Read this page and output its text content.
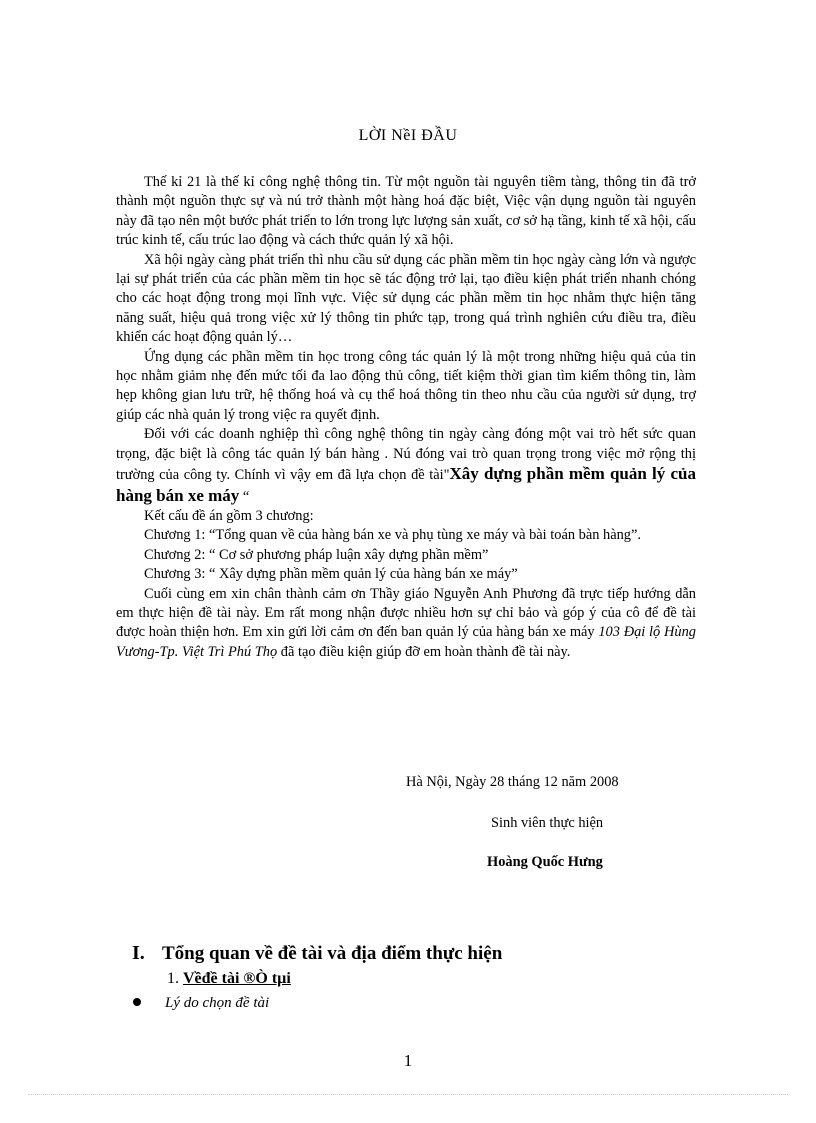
LỜI NềI ĐẦU

Thế kỉ 21 là thế kỉ công nghệ thông tin. Từ một nguồn tài nguyên tiềm tàng, thông tin đã trở thành một nguồn thực sự và nú trở thành một hàng hoá đặc biệt, Việc vận dụng nguồn tài nguyên này đã tạo nên một bước phát triển to lớn trong lực lượng sản xuất, cơ sở hạ tầng, kinh tế xã hội, cấu trúc kinh tế, cấu trúc lao động và cách thức quản lý xã hội.

Xã hội ngày càng phát triển thì nhu cầu sử dụng các phần mềm tin học ngày càng lớn và ngược lại sự phát triển của các phần mềm tin học sẽ tác động trở lại, tạo điều kiện phát triển nhanh chóng cho các hoạt động trong mọi lĩnh vực. Việc sử dụng các phần mềm tin học nhằm thực hiện tăng năng suất, hiệu quả trong việc xử lý thông tin phức tạp, trong quá trình nghiên cứu điều tra, điều khiển các hoạt động quản lý…

Ứng dụng các phần mềm tin học trong công tác quản lý là một trong những hiệu quả của tin học nhằm giảm nhẹ đến mức tối đa lao động thủ công, tiết kiệm thời gian tìm kiếm thông tin, làm hẹp không gian lưu trữ, hệ thống hoá và cụ thể hoá thông tin theo nhu cầu của người sử dụng, trợ giúp các nhà quản lý trong việc ra quyết định.

Đối với các doanh nghiệp thì công nghệ thông tin ngày càng đóng một vai trò hết sức quan trọng, đặc biệt là công tác quản lý bán hàng . Nú đóng vai trò quan trọng trong việc mở rộng thị trường của công ty. Chính vì vậy em đã lựa chọn đề tài"Xây dựng phần mềm quản lý của hàng bán xe máy “

Kết cấu đề án gồm 3 chương:

Chương 1: “Tổng quan về của hàng bán xe và phụ tùng xe máy và bài toán bàn hàng”.

Chương 2: “ Cơ sở phương pháp luận xây dựng phần mềm”

Chương 3: “ Xây dựng phần mềm quản lý của hàng bán xe máy”

Cuối cùng em xin chân thành cảm ơn Thầy giáo Nguyễn Anh Phương đã trực tiếp hướng dẫn em thực hiện đề tài này. Em rất mong nhận được nhiều hơn sự chỉ bảo và góp ý của cô để đề tài được hoàn thiện hơn. Em xin gửi lời cảm ơn đến ban quản lý của hàng bán xe máy 103 Đại lộ Hùng Vương-Tp. Việt Trì Phú Thọ đã tạo điều kiện giúp đỡ em hoàn thành đề tài này.

Hà Nội, Ngày 28 tháng 12 năm 2008
Sinh viên thực hiện
Hoàng Quốc Hưng
I. Tổng quan về đề tài và địa điểm thực hiện
1. Vềđề tài ®Ò tµi
Lý do chọn đề tài
1
